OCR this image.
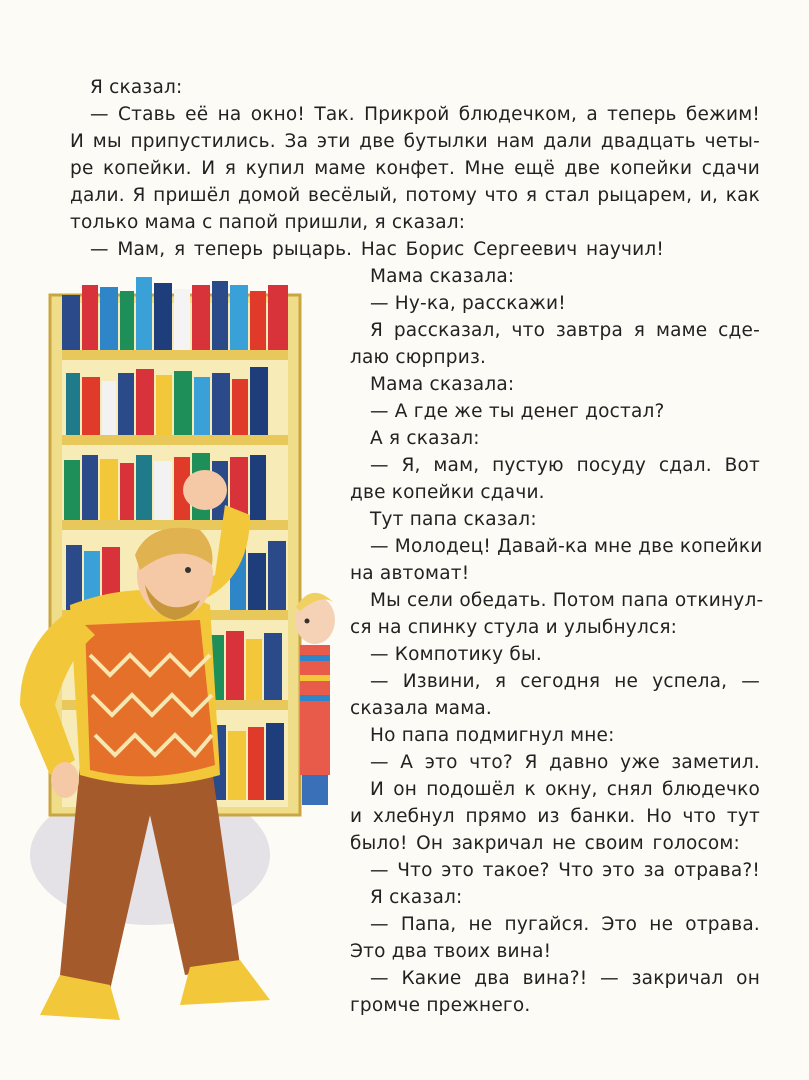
Я сказал:
— Ставь её на окно! Так. Прикрой блюдечком, а теперь бежим!
И мы припустились. За эти две бутылки нам дали двадцать четы-
ре копейки. И я купил маме конфет. Мне ещё две копейки сдачи
дали. Я пришёл домой весёлый, потому что я стал рыцарем, и, как
только мама с папой пришли, я сказал:
— Мам, я теперь рыцарь. Нас Борис Сергеевич научил!
Мама сказала:
— Ну-ка, расскажи!
Я рассказал, что завтра я маме сде-
лаю сюрприз.
Мама сказала:
— А где же ты денег достал?
А я сказал:
— Я, мам, пустую посуду сдал. Вот
две копейки сдачи.
Тут папа сказал:
— Молодец! Давай-ка мне две копейки
на автомат!
Мы сели обедать. Потом папа откинул-
ся на спинку стула и улыбнулся:
— Компотику бы.
— Извини, я сегодня не успела, —
сказала мама.
Но папа подмигнул мне:
— А это что? Я давно уже заметил.
И он подошёл к окну, снял блюдечко
и хлебнул прямо из банки. Но что тут
было! Он закричал не своим голосом:
— Что это такое? Что это за отрава?!
Я сказал:
— Папа, не пугайся. Это не отрава.
Это два твоих вина!
— Какие два вина?! — закричал он
громче прежнего.
